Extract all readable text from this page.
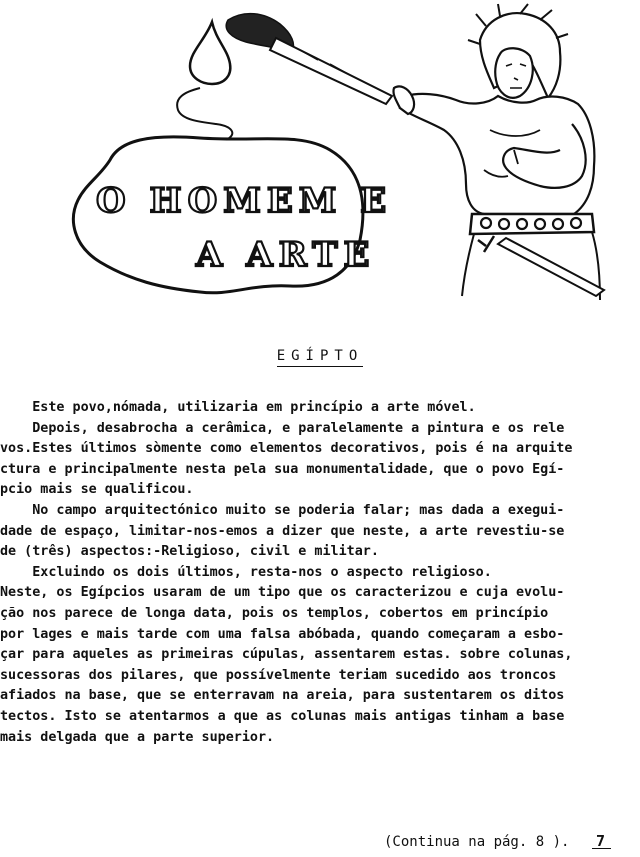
O HOMEM E
A ARTE
EGÍPTO
Este povo,nómada, utilizaria em princípio a arte móvel.
Depois, desabrocha a cerâmica, e paralelamente a pintura e os rele
vos.Estes últimos sòmente como elementos decorativos, pois é na arquite
ctura e principalmente nesta pela sua monumentalidade, que o povo Egí-
pcio mais se qualificou.
No campo arquitectónico muito se poderia falar; mas dada a exegui-
dade de espaço, limitar-nos-emos a dizer que neste, a arte revestiu-se
de (três) aspectos:-Religioso, civil e militar.
Excluindo os dois últimos, resta-nos o aspecto religioso.
Neste, os Egípcios usaram de um tipo que os caracterizou e cuja evolu-
ção nos parece de longa data, pois os templos, cobertos em princípio
por lages e mais tarde com uma falsa abóbada, quando começaram a esbo-
çar para aqueles as primeiras cúpulas, assentarem estas. sobre colunas,
sucessoras dos pilares, que possívelmente teriam sucedido aos troncos
afiados na base, que se enterravam na areia, para sustentarem os ditos
tectos. Isto se atentarmos a que as colunas mais antigas tinham a base
mais delgada que a parte superior.
(Continua na pág. 8 ). 7
